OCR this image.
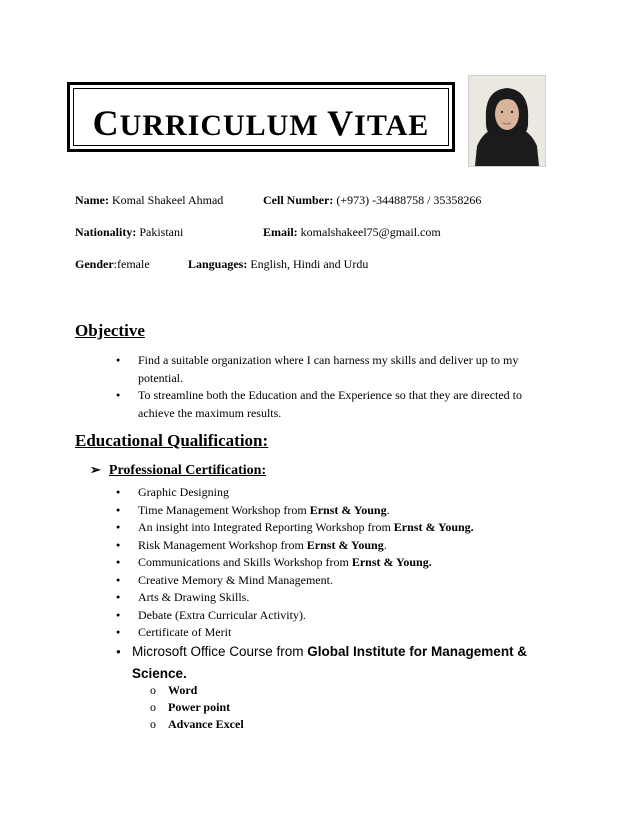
CURRICULUM VITAE
Name: Komal Shakeel Ahmad	Cell Number: (+973) -34488758 / 35358266
Nationality: Pakistani	Email: komalshakeel75@gmail.com
Gender:female	Languages: English, Hindi and Urdu
Objective
● Find a suitable organization where I can harness my skills and deliver up to my potential.
● To streamline both the Education and the Experience so that they are directed to achieve the maximum results.
Educational Qualification:
➢ Professional Certification:
● Graphic Designing
● Time Management Workshop from Ernst & Young.
● An insight into Integrated Reporting Workshop from Ernst & Young.
● Risk Management Workshop from Ernst & Young.
● Communications and Skills Workshop from Ernst & Young.
● Creative Memory & Mind Management.
● Arts & Drawing Skills.
● Debate (Extra Curricular Activity).
● Certificate of Merit
● Microsoft Office Course from Global Institute for Management & Science.
o Word
o Power point
o Advance Excel
